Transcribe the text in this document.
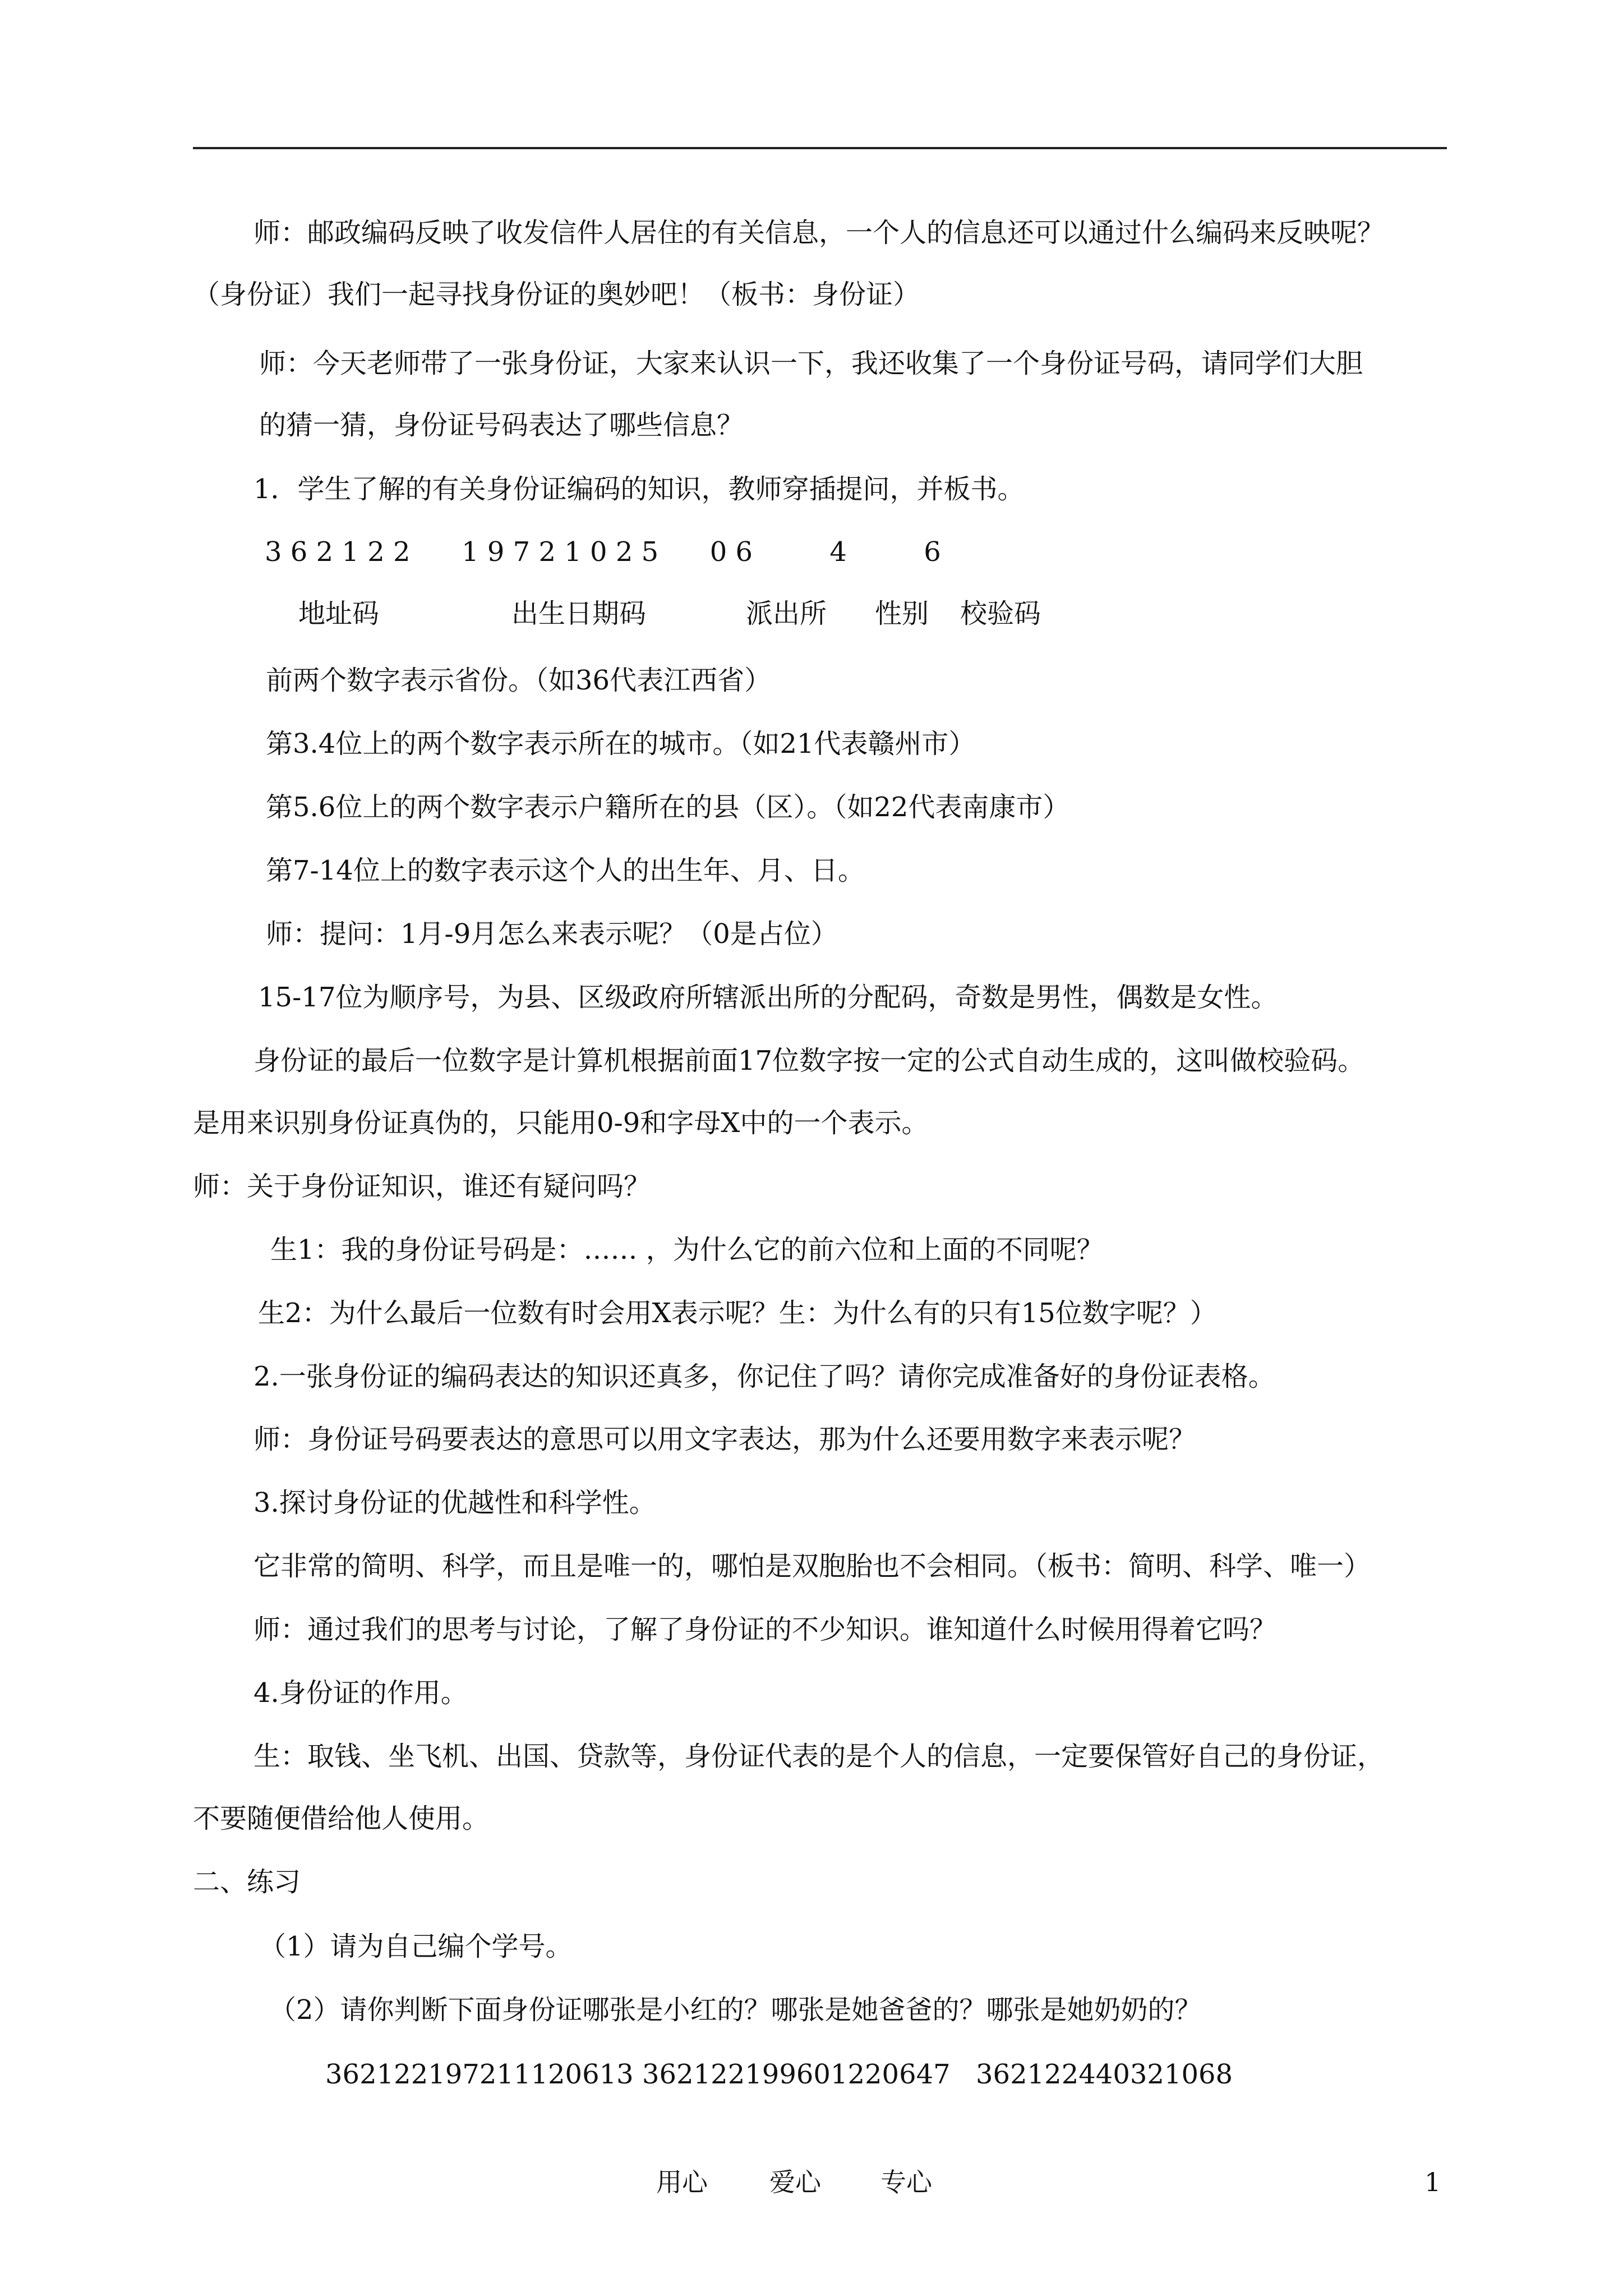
师：邮政编码反映了收发信件人居住的有关信息，一个人的信息还可以通过什么编码来反映呢？
（身份证）我们一起寻找身份证的奥妙吧！（板书：身份证）
师：今天老师带了一张身份证，大家来认识一下，我还收集了一个身份证号码，请同学们大胆
的猜一猜，身份证号码表达了哪些信息？
1．学生了解的有关身份证编码的知识，教师穿插提问，并板书。
3 6 2 1 2 2      1 9 7 2 1 0 2 5      0 6         4         6
地址码	出生日期码	派出所 性别 校验码
前两个数字表示省份。（如36代表江西省）
第3.4位上的两个数字表示所在的城市。（如21代表赣州市）
第5.6位上的两个数字表示户籍所在的县（区）。（如22代表南康市）
第7-14位上的数字表示这个人的出生年、月、日。
师：提问：1月-9月怎么来表示呢？（0是占位）
15-17位为顺序号，为县、区级政府所辖派出所的分配码，奇数是男性，偶数是女性。
身份证的最后一位数字是计算机根据前面17位数字按一定的公式自动生成的，这叫做校验码。
是用来识别身份证真伪的，只能用0-9和字母X中的一个表示。
师：关于身份证知识，谁还有疑问吗？
生1：我的身份证号码是：…… ，为什么它的前六位和上面的不同呢？
生2：为什么最后一位数有时会用X表示呢？生：为什么有的只有15位数字呢？）
2.一张身份证的编码表达的知识还真多，你记住了吗？请你完成准备好的身份证表格。
师：身份证号码要表达的意思可以用文字表达，那为什么还要用数字来表示呢？
3.探讨身份证的优越性和科学性。
它非常的简明、科学，而且是唯一的，哪怕是双胞胎也不会相同。（板书：简明、科学、唯一）
师：通过我们的思考与讨论，了解了身份证的不少知识。谁知道什么时候用得着它吗？
4.身份证的作用。
生：取钱、坐飞机、出国、贷款等，身份证代表的是个人的信息，一定要保管好自己的身份证，
不要随便借给他人使用。
二、练习
（1）请为自己编个学号。
（2）请你判断下面身份证哪张是小红的？哪张是她爸爸的？哪张是她奶奶的？
362122197211120613 362122199601220647 362122440321068
用心 爱心 专心	1
